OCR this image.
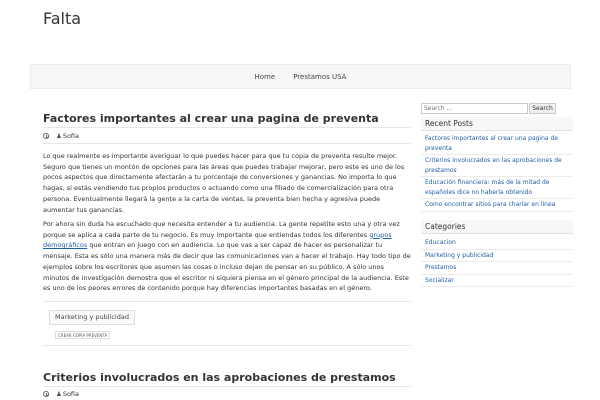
Falta
Home	Prestamos USA
Factores importantes al crear una pagina de preventa
♟ Sofia

Lo que realmente es importante averiguar lo que puedes hacer para que tu copia de preventa resulte mejor. Seguro que tienes un montón de opciones para las áreas que puedes trabajar mejorar, pero este es uno de los pocos aspectos que directamente afectarán a tu porcentaje de conversiones y ganancias. No importa lo que hagas, si estás vendiendo tus propios productos o actuando como una filiado de comercialización para otra persona. Eventualmente llegará la gente a la carta de ventas, la preventa bien hecha y agresiva puede aumentar tus ganancias.

Por ahora sin duda ha escuchado que necesita entender a tu audiencia. La gente repetite esto una y otra vez porque se aplica a cada parte de tu negocio. Es muy importante que entiendas todos los diferentes grupos demográficos que entran en juego con en audiencia. Lo que vas a ser capaz de hacer es personalizar tu mensaje. Esta es sólo una manera más de decir que las comunicaciones van a hacer el trabajo. Hay todo tipo de ejemplos sobre los escritores que asumen las cosas o incluso dejan de pensar en su público. A sólo unos minutos de investigación demostra que el escritor ni siquiera piensa en el género principal de la audiencia. Este es uno de los peores errores de contenido porque hay diferencias importantes basadas en el género.

Marketing y publicidad
CREAR COPIA PREVENTA
Criterios involucrados en las aprobaciones de prestamos
♟ Sofia
Search ...
Search
Recent Posts
Factores importantes al crear una pagina de preventa
Criterios involucrados en las aprobaciones de prestamos
Educación financiera: más de la mitad de españoles dice no haberla obtenido
Como encontrar sitios para charlar en línea
Categories
Educacion
Marketing y publicidad
Prestamos
Socializar
